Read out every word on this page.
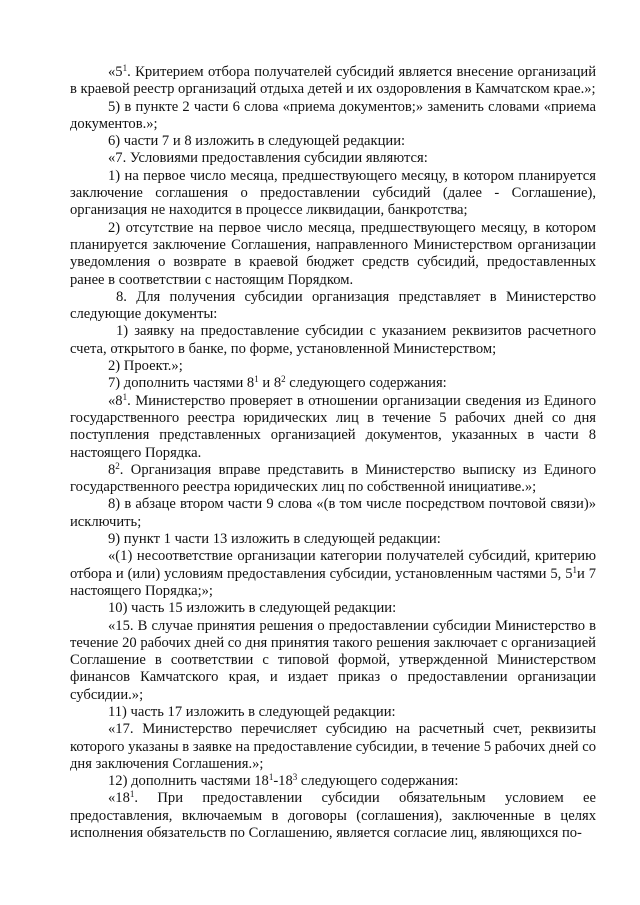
«$5^1$. Критерием отбора получателей субсидий является внесение организаций в краевой реестр организаций отдыха детей и их оздоровления в Камчатском крае.»;

5) в пункте 2 части 6 слова «приема документов;» заменить словами «приема документов.»;

6) части 7 и 8 изложить в следующей редакции:

«7. Условиями предоставления субсидии являются:

1) на первое число месяца, предшествующего месяцу, в котором планируется заключение соглашения о предоставлении субсидий (далее - Соглашение), организация не находится в процессе ликвидации, банкротства;

2) отсутствие на первое число месяца, предшествующего месяцу, в котором планируется заключение Соглашения, направленного Министерством организации уведомления о возврате в краевой бюджет средств субсидий, предоставленных ранее в соответствии с настоящим Порядком.

8. Для получения субсидии организация представляет в Министерство следующие документы:

1) заявку на предоставление субсидии с указанием реквизитов расчетного счета, открытого в банке, по форме, установленной Министерством;

2) Проект.»;

7) дополнить частями $8^1$ и $8^2$ следующего содержания:

«$8^1$. Министерство проверяет в отношении организации сведения из Единого государственного реестра юридических лиц в течение 5 рабочих дней со дня поступления представленных организацией документов, указанных в части 8 настоящего Порядка.

$8^2$. Организация вправе представить в Министерство выписку из Единого государственного реестра юридических лиц по собственной инициативе.»;

8) в абзаце втором части 9 слова «(в том числе посредством почтовой связи)» исключить;

9) пункт 1 части 13 изложить в следующей редакции:

«(1) несоответствие организации категории получателей субсидий, критерию отбора и (или) условиям предоставления субсидии, установленным частями 5, $5^1и$ 7 настоящего Порядка;»;

10) часть 15 изложить в следующей редакции:

«15. В случае принятия решения о предоставлении субсидии Министерство в течение 20 рабочих дней со дня принятия такого решения заключает с организацией Соглашение в соответствии с типовой формой, утвержденной Министерством финансов Камчатского края, и издает приказ о предоставлении организации субсидии.»;

11) часть 17 изложить в следующей редакции:

«17. Министерство перечисляет субсидию на расчетный счет, реквизиты которого указаны в заявке на предоставление субсидии, в течение 5 рабочих дней со дня заключения Соглашения.»;

12) дополнить частями $18^1-18^3$ следующего содержания:

«$18^1$. При предоставлении субсидии обязательным условием ее предоставления, включаемым в договоры (соглашения), заключенные в целях исполнения обязательств по Соглашению, является согласие лиц, являющихся по-
